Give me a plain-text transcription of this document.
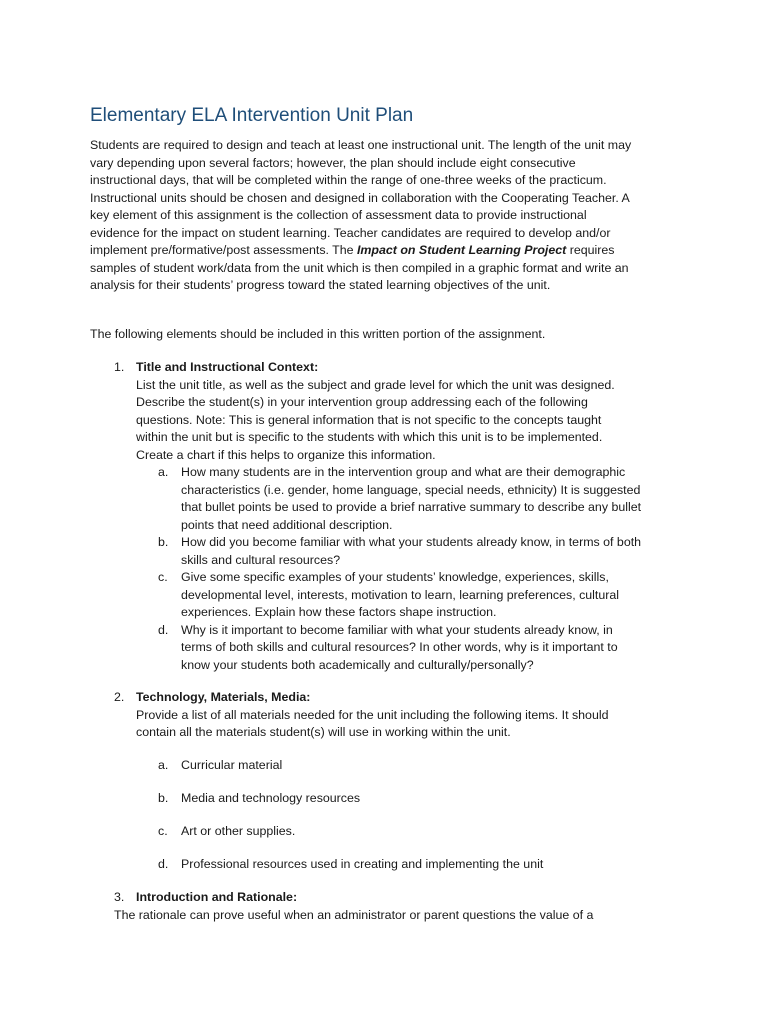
Elementary ELA Intervention Unit Plan
Students are required to design and teach at least one instructional unit. The length of the unit may
vary depending upon several factors; however, the plan should include eight consecutive
instructional days, that will be completed within the range of one-three weeks of the practicum.
Instructional units should be chosen and designed in collaboration with the Cooperating Teacher. A
key element of this assignment is the collection of assessment data to provide instructional
evidence for the impact on student learning. Teacher candidates are required to develop and/or
implement pre/formative/post assessments. The Impact on Student Learning Project requires
samples of student work/data from the unit which is then compiled in a graphic format and write an
analysis for their students’ progress toward the stated learning objectives of the unit.
The following elements should be included in this written portion of the assignment.
1. Title and Instructional Context:
List the unit title, as well as the subject and grade level for which the unit was designed.
Describe the student(s) in your intervention group addressing each of the following
questions. Note: This is general information that is not specific to the concepts taught
within the unit but is specific to the students with which this unit is to be implemented.
Create a chart if this helps to organize this information.
a. How many students are in the intervention group and what are their demographic
characteristics (i.e. gender, home language, special needs, ethnicity) It is suggested
that bullet points be used to provide a brief narrative summary to describe any bullet
points that need additional description.
b. How did you become familiar with what your students already know, in terms of both
skills and cultural resources?
c. Give some specific examples of your students’ knowledge, experiences, skills,
developmental level, interests, motivation to learn, learning preferences, cultural
experiences. Explain how these factors shape instruction.
d. Why is it important to become familiar with what your students already know, in
terms of both skills and cultural resources? In other words, why is it important to
know your students both academically and culturally/personally?
2. Technology, Materials, Media:
Provide a list of all materials needed for the unit including the following items. It should
contain all the materials student(s) will use in working within the unit.
a. Curricular material
b. Media and technology resources
c. Art or other supplies.
d. Professional resources used in creating and implementing the unit
3. Introduction and Rationale:
The rationale can prove useful when an administrator or parent questions the value of a
